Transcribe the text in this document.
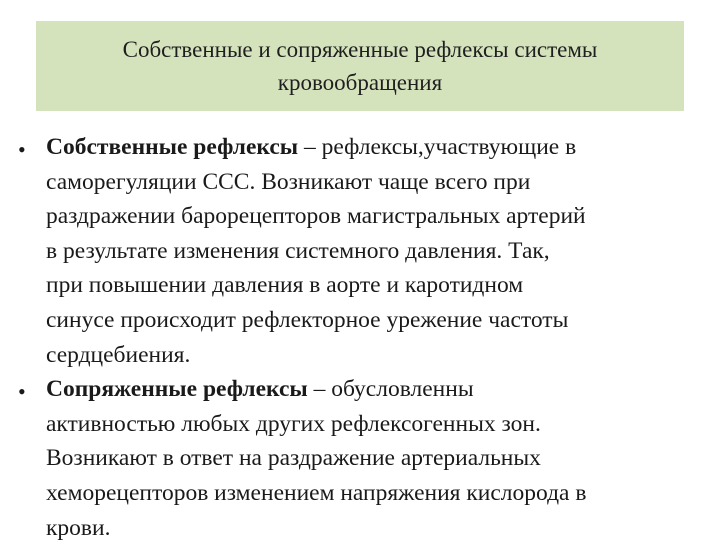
Собственные и сопряженные рефлексы системы
кровообращения
• Собственные рефлексы – рефлексы,участвующие в
саморегуляции ССС. Возникают чаще всего при
раздражении барорецепторов магистральных артерий
в результате изменения системного давления. Так,
при повышении давления в аорте и каротидном
синусе происходит рефлекторное урежение частоты
сердцебиения.
• Сопряженные рефлексы – обусловленны
активностью любых других рефлексогенных зон.
Возникают в ответ на раздражение артериальных
хеморецепторов изменением напряжения кислорода в
крови.
